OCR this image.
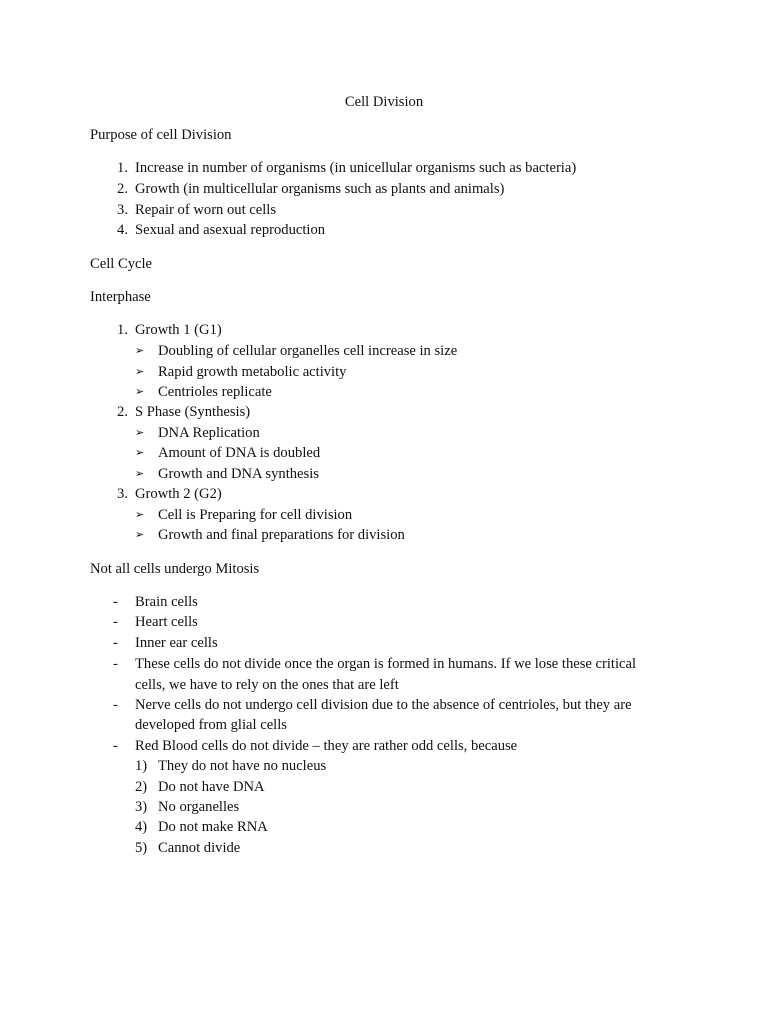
Cell Division
Purpose of cell Division
1. Increase in number of organisms (in unicellular organisms such as bacteria)
2. Growth (in multicellular organisms such as plants and animals)
3. Repair of worn out cells
4. Sexual and asexual reproduction
Cell Cycle
Interphase
1. Growth 1 (G1)
➢ Doubling of cellular organelles cell increase in size
➢ Rapid growth metabolic activity
➢ Centrioles replicate
2. S Phase (Synthesis)
➢ DNA Replication
➢ Amount of DNA is doubled
➢ Growth and DNA synthesis
3. Growth 2 (G2)
➢ Cell is Preparing for cell division
➢ Growth and final preparations for division
Not all cells undergo Mitosis
- Brain cells
- Heart cells
- Inner ear cells
- These cells do not divide once the organ is formed in humans. If we lose these critical
cells, we have to rely on the ones that are left
- Nerve cells do not undergo cell division due to the absence of centrioles, but they are
developed from glial cells
- Red Blood cells do not divide – they are rather odd cells, because
1) They do not have no nucleus
2) Do not have DNA
3) No organelles
4) Do not make RNA
5) Cannot divide
